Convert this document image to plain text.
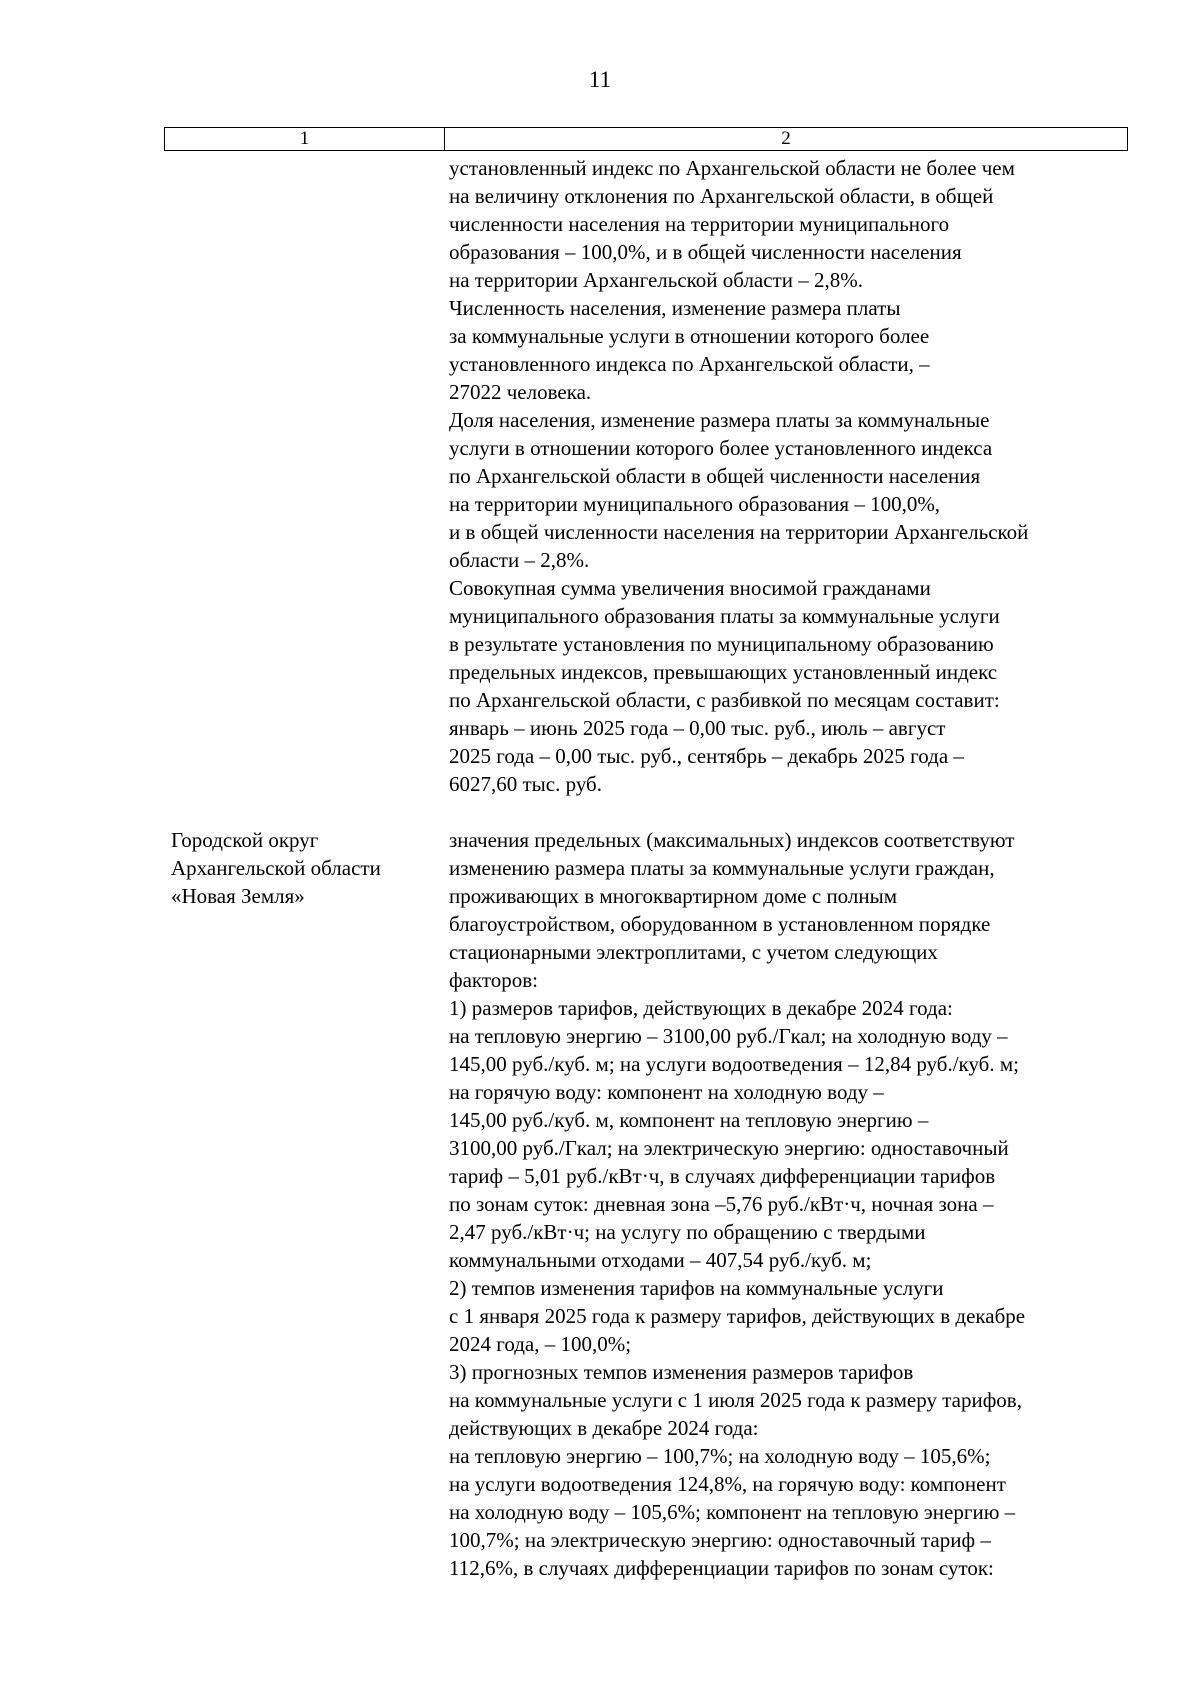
11
1	2
установленный индекс по Архангельской области не более чем
на величину отклонения по Архангельской области, в общей
численности населения на территории муниципального
образования – 100,0%, и в общей численности населения
на территории Архангельской области – 2,8%.
Численность населения, изменение размера платы
за коммунальные услуги в отношении которого более
установленного индекса по Архангельской области, –
27022 человека.
Доля населения, изменение размера платы за коммунальные
услуги в отношении которого более установленного индекса
по Архангельской области в общей численности населения
на территории муниципального образования – 100,0%,
и в общей численности населения на территории Архангельской
области – 2,8%.
Совокупная сумма увеличения вносимой гражданами
муниципального образования платы за коммунальные услуги
в результате установления по муниципальному образованию
предельных индексов, превышающих установленный индекс
по Архангельской области, с разбивкой по месяцам составит:
январь – июнь 2025 года – 0,00 тыс. руб., июль – август
2025 года – 0,00 тыс. руб., сентябрь – декабрь 2025 года –
6027,60 тыс. руб.
Городской округ
Архангельской области
«Новая Земля»
значения предельных (максимальных) индексов соответствуют
изменению размера платы за коммунальные услуги граждан,
проживающих в многоквартирном доме с полным
благоустройством, оборудованном в установленном порядке
стационарными электроплитами, с учетом следующих
факторов:
1) размеров тарифов, действующих в декабре 2024 года:
на тепловую энергию – 3100,00 руб./Гкал; на холодную воду –
145,00 руб./куб. м; на услуги водоотведения – 12,84 руб./куб. м;
на горячую воду: компонент на холодную воду –
145,00 руб./куб. м, компонент на тепловую энергию –
3100,00 руб./Гкал; на электрическую энергию: одноставочный
тариф – 5,01 руб./кВт·ч, в случаях дифференциации тарифов
по зонам суток: дневная зона –5,76 руб./кВт·ч, ночная зона –
2,47 руб./кВт·ч; на услугу по обращению с твердыми
коммунальными отходами – 407,54 руб./куб. м;
2) темпов изменения тарифов на коммунальные услуги
с 1 января 2025 года к размеру тарифов, действующих в декабре
2024 года, – 100,0%;
3) прогнозных темпов изменения размеров тарифов
на коммунальные услуги с 1 июля 2025 года к размеру тарифов,
действующих в декабре 2024 года:
на тепловую энергию – 100,7%; на холодную воду – 105,6%;
на услуги водоотведения 124,8%, на горячую воду: компонент
на холодную воду – 105,6%; компонент на тепловую энергию –
100,7%; на электрическую энергию: одноставочный тариф –
112,6%, в случаях дифференциации тарифов по зонам суток:
